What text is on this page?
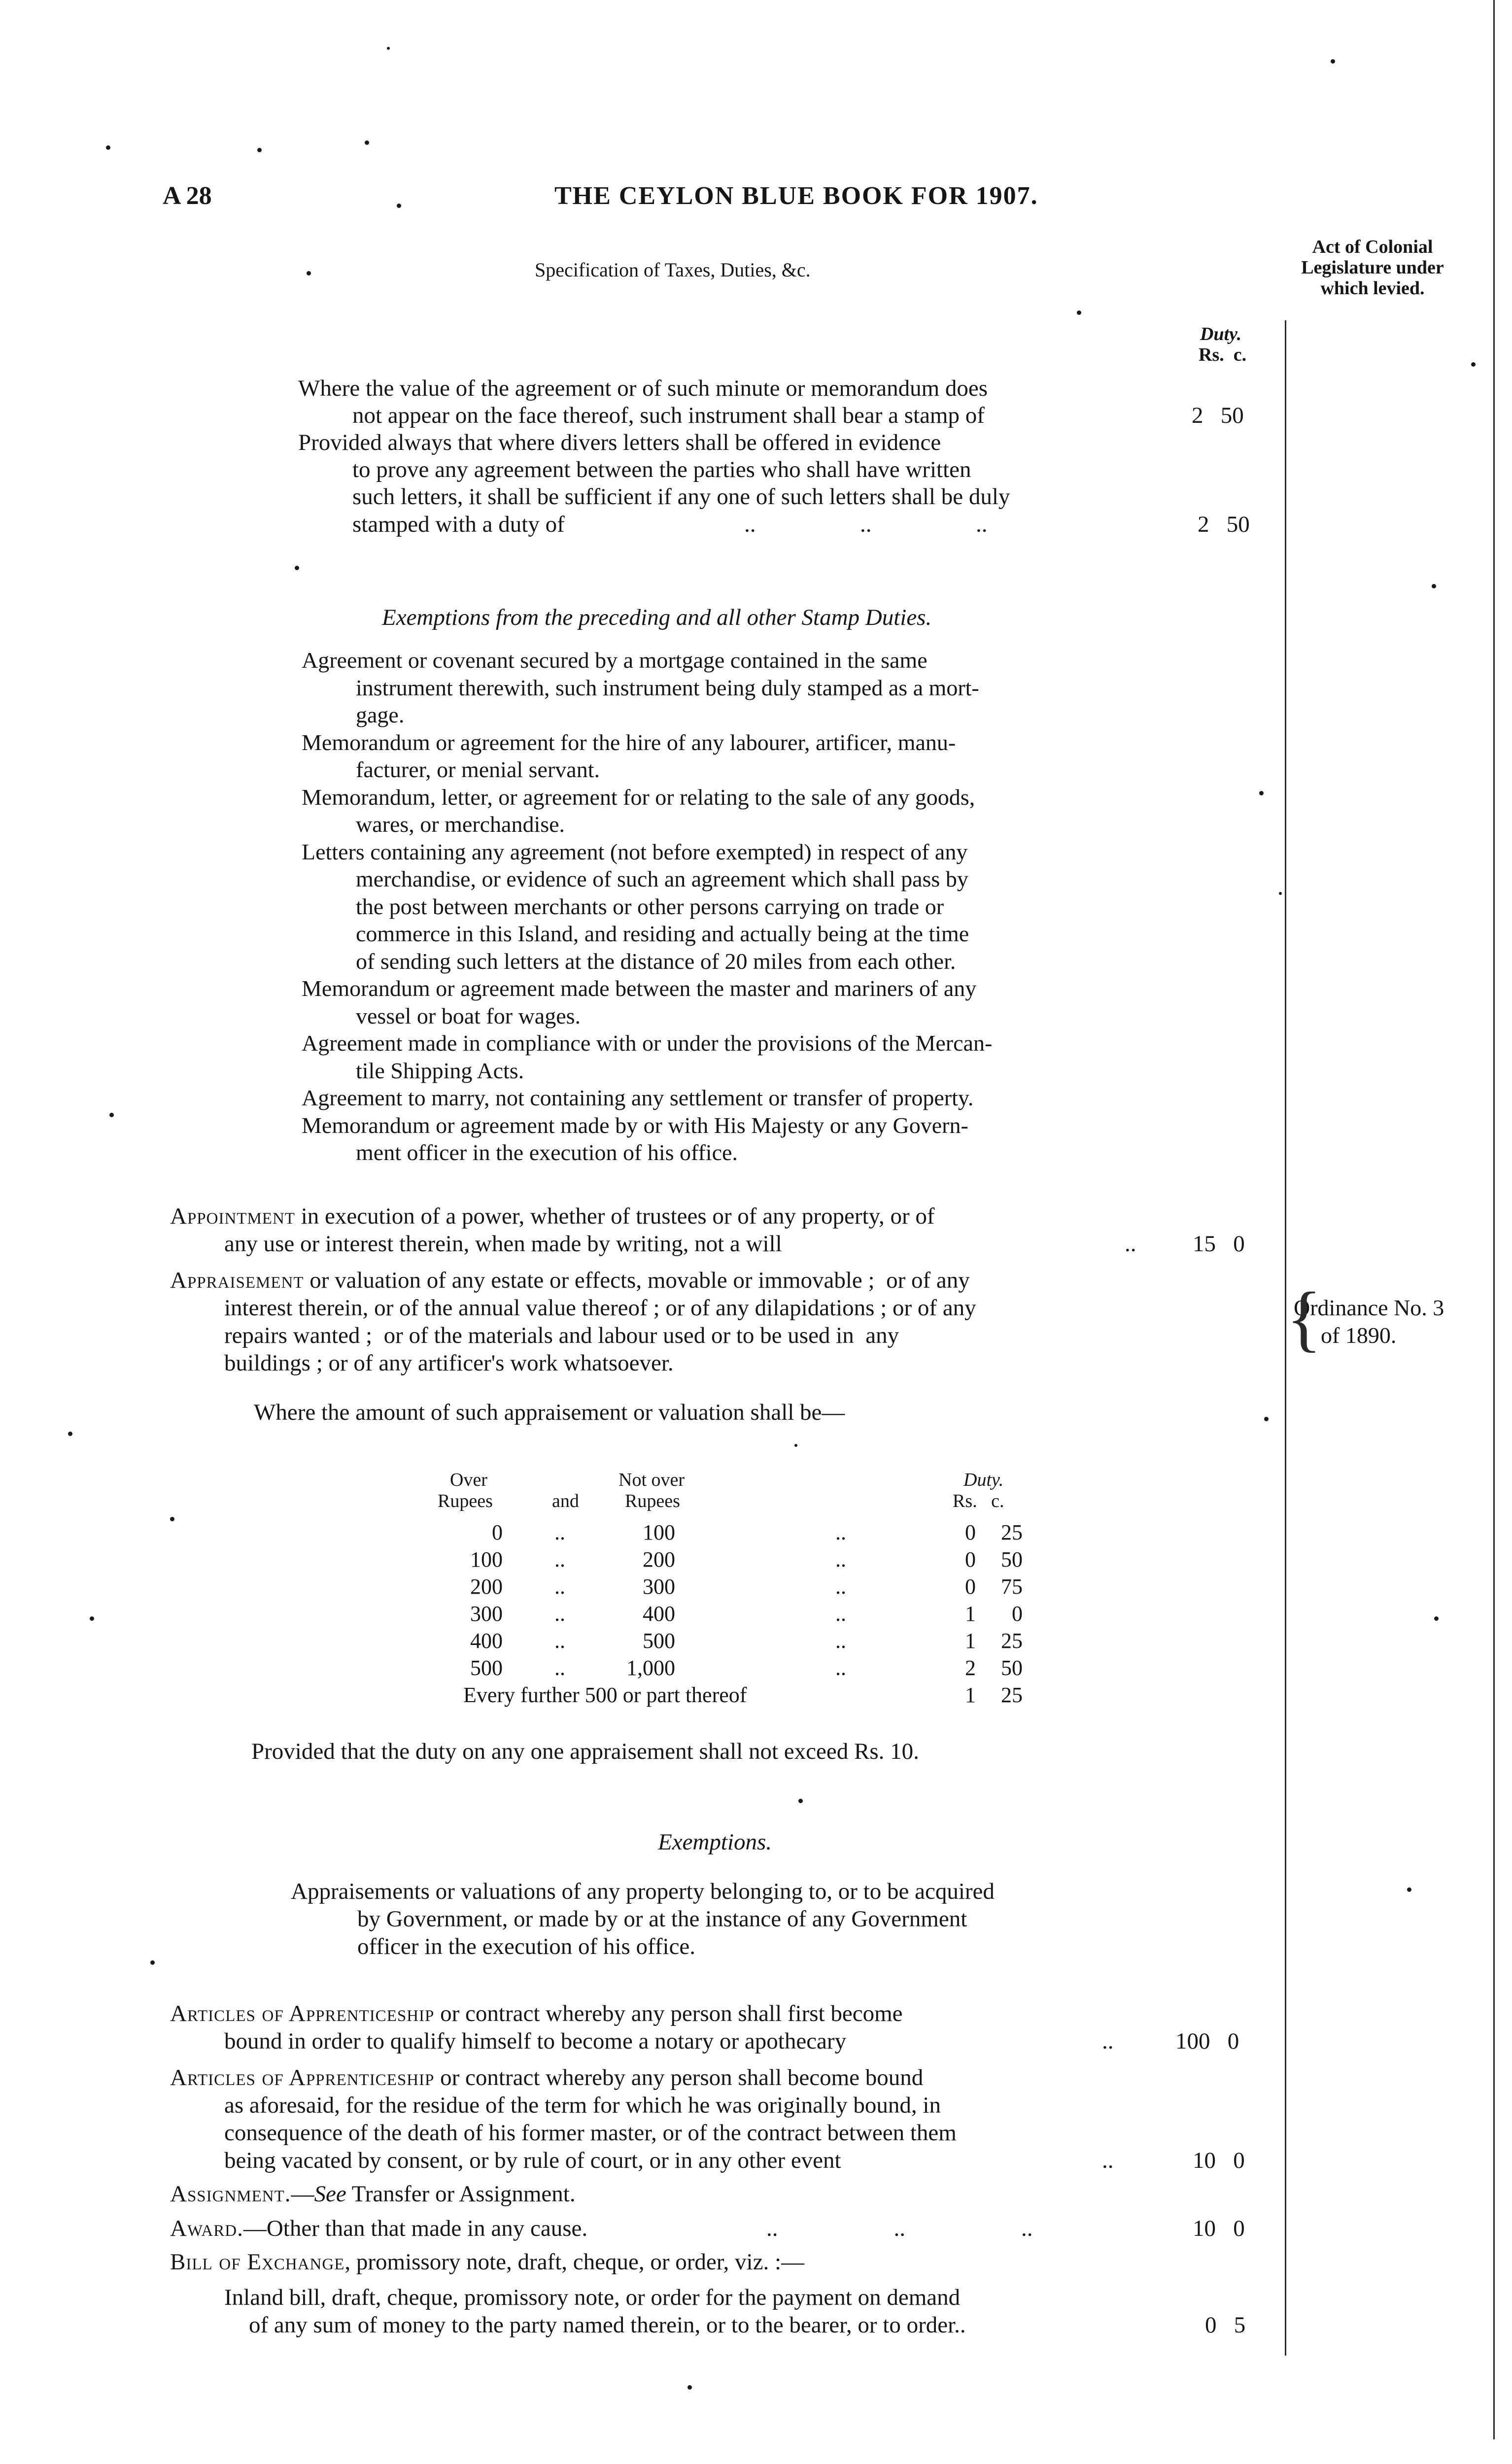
A 28	THE CEYLON BLUE BOOK FOR 1907.
Specification of Taxes, Duties, &c.
Act of Colonial
Legislature under
which levied.
Duty.
Rs.  c.
Where the value of the agreement or of such minute or memorandum does
not appear on the face thereof, such instrument shall bear a stamp of	2   50
Provided always that where divers letters shall be offered in evidence
to prove any agreement between the parties who shall have written
such letters, it shall be sufficient if any one of such letters shall be duly
stamped with a duty of	..                  ..                  ..	2   50
Exemptions from the preceding and all other Stamp Duties.
Agreement or covenant secured by a mortgage contained in the same
instrument therewith, such instrument being duly stamped as a mort-
gage.
Memorandum or agreement for the hire of any labourer, artificer, manu-
facturer, or menial servant.
Memorandum, letter, or agreement for or relating to the sale of any goods,
wares, or merchandise.
Letters containing any agreement (not before exempted) in respect of any
merchandise, or evidence of such an agreement which shall pass by
the post between merchants or other persons carrying on trade or
commerce in this Island, and residing and actually being at the time
of sending such letters at the distance of 20 miles from each other.
Memorandum or agreement made between the master and mariners of any
vessel or boat for wages.
Agreement made in compliance with or under the provisions of the Mercan-
tile Shipping Acts.
Agreement to marry, not containing any settlement or transfer of property.
Memorandum or agreement made by or with His Majesty or any Govern-
ment officer in the execution of his office.
Appointment in execution of a power, whether of trustees or of any property, or of
any use or interest therein, when made by writing, not a will	.. 15   0
Appraisement or valuation of any estate or effects, movable or immovable ;  or of any
interest therein, or of the annual value thereof ; or of any dilapidations ; or of any
repairs wanted ;  or of the materials and labour used or to be used in  any
buildings ; or of any artificer's work whatsoever.
Ordinance No. 3
of 1890.
{
Where the amount of such appraisement or valuation shall be—
Over
Rupees	and
Not over
Rupees
Duty.
Rs.   c.
0 ..	100	..	0	25
100 ..	200	..	0	50
200 ..	300	..	0	75
300 ..	400	..	1	0
400 ..	500	..	1	25
500 ..	1,000	..	2	50
Every further 500 or part thereof	1	25
Provided that the duty on any one appraisement shall not exceed Rs. 10.
Exemptions.
Appraisements or valuations of any property belonging to, or to be acquired
by Government, or made by or at the instance of any Government
officer in the execution of his office.
Articles of Apprenticeship or contract whereby any person shall first become
bound in order to qualify himself to become a notary or apothecary	..	100   0
Articles of Apprenticeship or contract whereby any person shall become bound
as aforesaid, for the residue of the term for which he was originally bound, in
consequence of the death of his former master, or of the contract between them
being vacated by consent, or by rule of court, or in any other event	..	10   0
Assignment.—See Transfer or Assignment.
Award.—Other than that made in any cause.	..                    ..                    ..	10   0
Bill of Exchange, promissory note, draft, cheque, or order, viz. :—
Inland bill, draft, cheque, promissory note, or order for the payment on demand
of any sum of money to the party named therein, or to the bearer, or to order..	0   5
